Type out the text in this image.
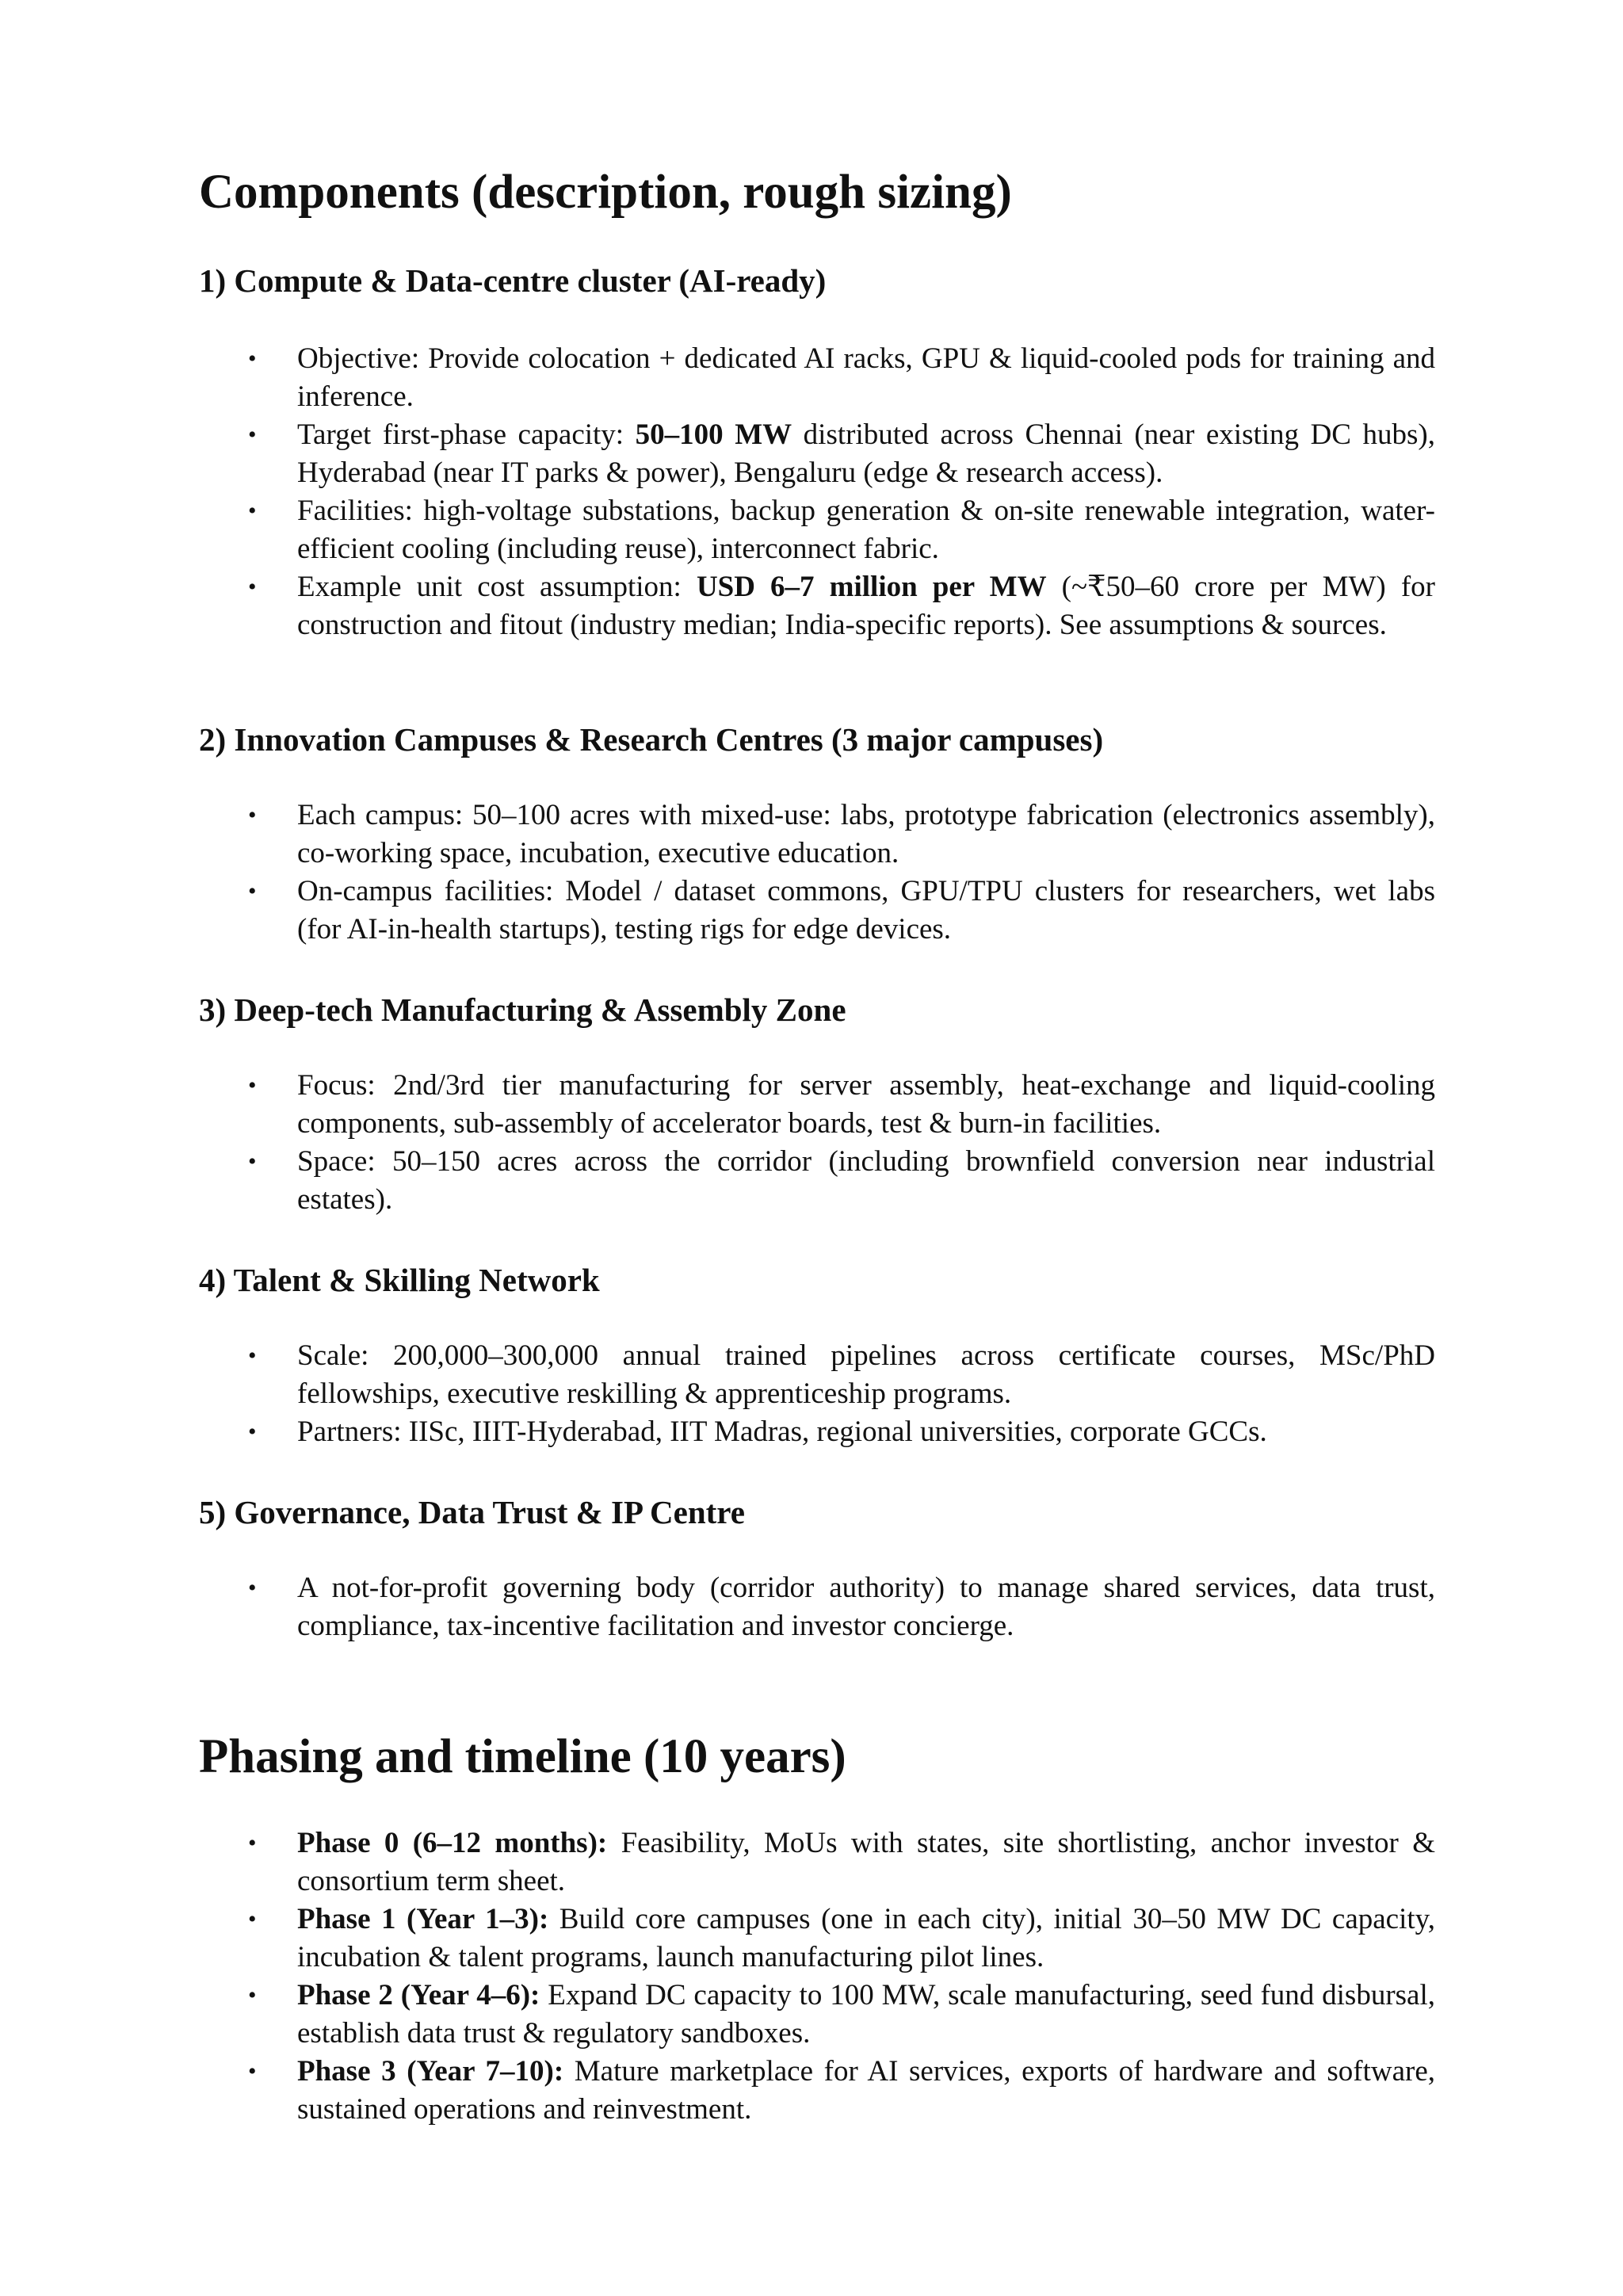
Components (description, rough sizing)
1) Compute & Data-centre cluster (AI-ready)
• Objective: Provide colocation + dedicated AI racks, GPU & liquid-cooled pods for training and inference.
• Target first-phase capacity: 50–100 MW distributed across Chennai (near existing DC hubs), Hyderabad (near IT parks & power), Bengaluru (edge & research access).
• Facilities: high-voltage substations, backup generation & on-site renewable integration, water-efficient cooling (including reuse), interconnect fabric.
• Example unit cost assumption: USD 6–7 million per MW (~₹50–60 crore per MW) for construction and fitout (industry median; India-specific reports). See assumptions & sources.
2) Innovation Campuses & Research Centres (3 major campuses)
• Each campus: 50–100 acres with mixed-use: labs, prototype fabrication (electronics assembly), co-working space, incubation, executive education.
• On-campus facilities: Model / dataset commons, GPU/TPU clusters for researchers, wet labs (for AI-in-health startups), testing rigs for edge devices.
3) Deep-tech Manufacturing & Assembly Zone
• Focus: 2nd/3rd tier manufacturing for server assembly, heat-exchange and liquid-cooling components, sub-assembly of accelerator boards, test & burn-in facilities.
• Space: 50–150 acres across the corridor (including brownfield conversion near industrial estates).
4) Talent & Skilling Network
• Scale: 200,000–300,000 annual trained pipelines across certificate courses, MSc/PhD fellowships, executive reskilling & apprenticeship programs.
• Partners: IISc, IIIT-Hyderabad, IIT Madras, regional universities, corporate GCCs.
5) Governance, Data Trust & IP Centre
• A not-for-profit governing body (corridor authority) to manage shared services, data trust, compliance, tax-incentive facilitation and investor concierge.
Phasing and timeline (10 years)
• Phase 0 (6–12 months): Feasibility, MoUs with states, site shortlisting, anchor investor & consortium term sheet.
• Phase 1 (Year 1–3): Build core campuses (one in each city), initial 30–50 MW DC capacity, incubation & talent programs, launch manufacturing pilot lines.
• Phase 2 (Year 4–6): Expand DC capacity to 100 MW, scale manufacturing, seed fund disbursal, establish data trust & regulatory sandboxes.
• Phase 3 (Year 7–10): Mature marketplace for AI services, exports of hardware and software, sustained operations and reinvestment.
